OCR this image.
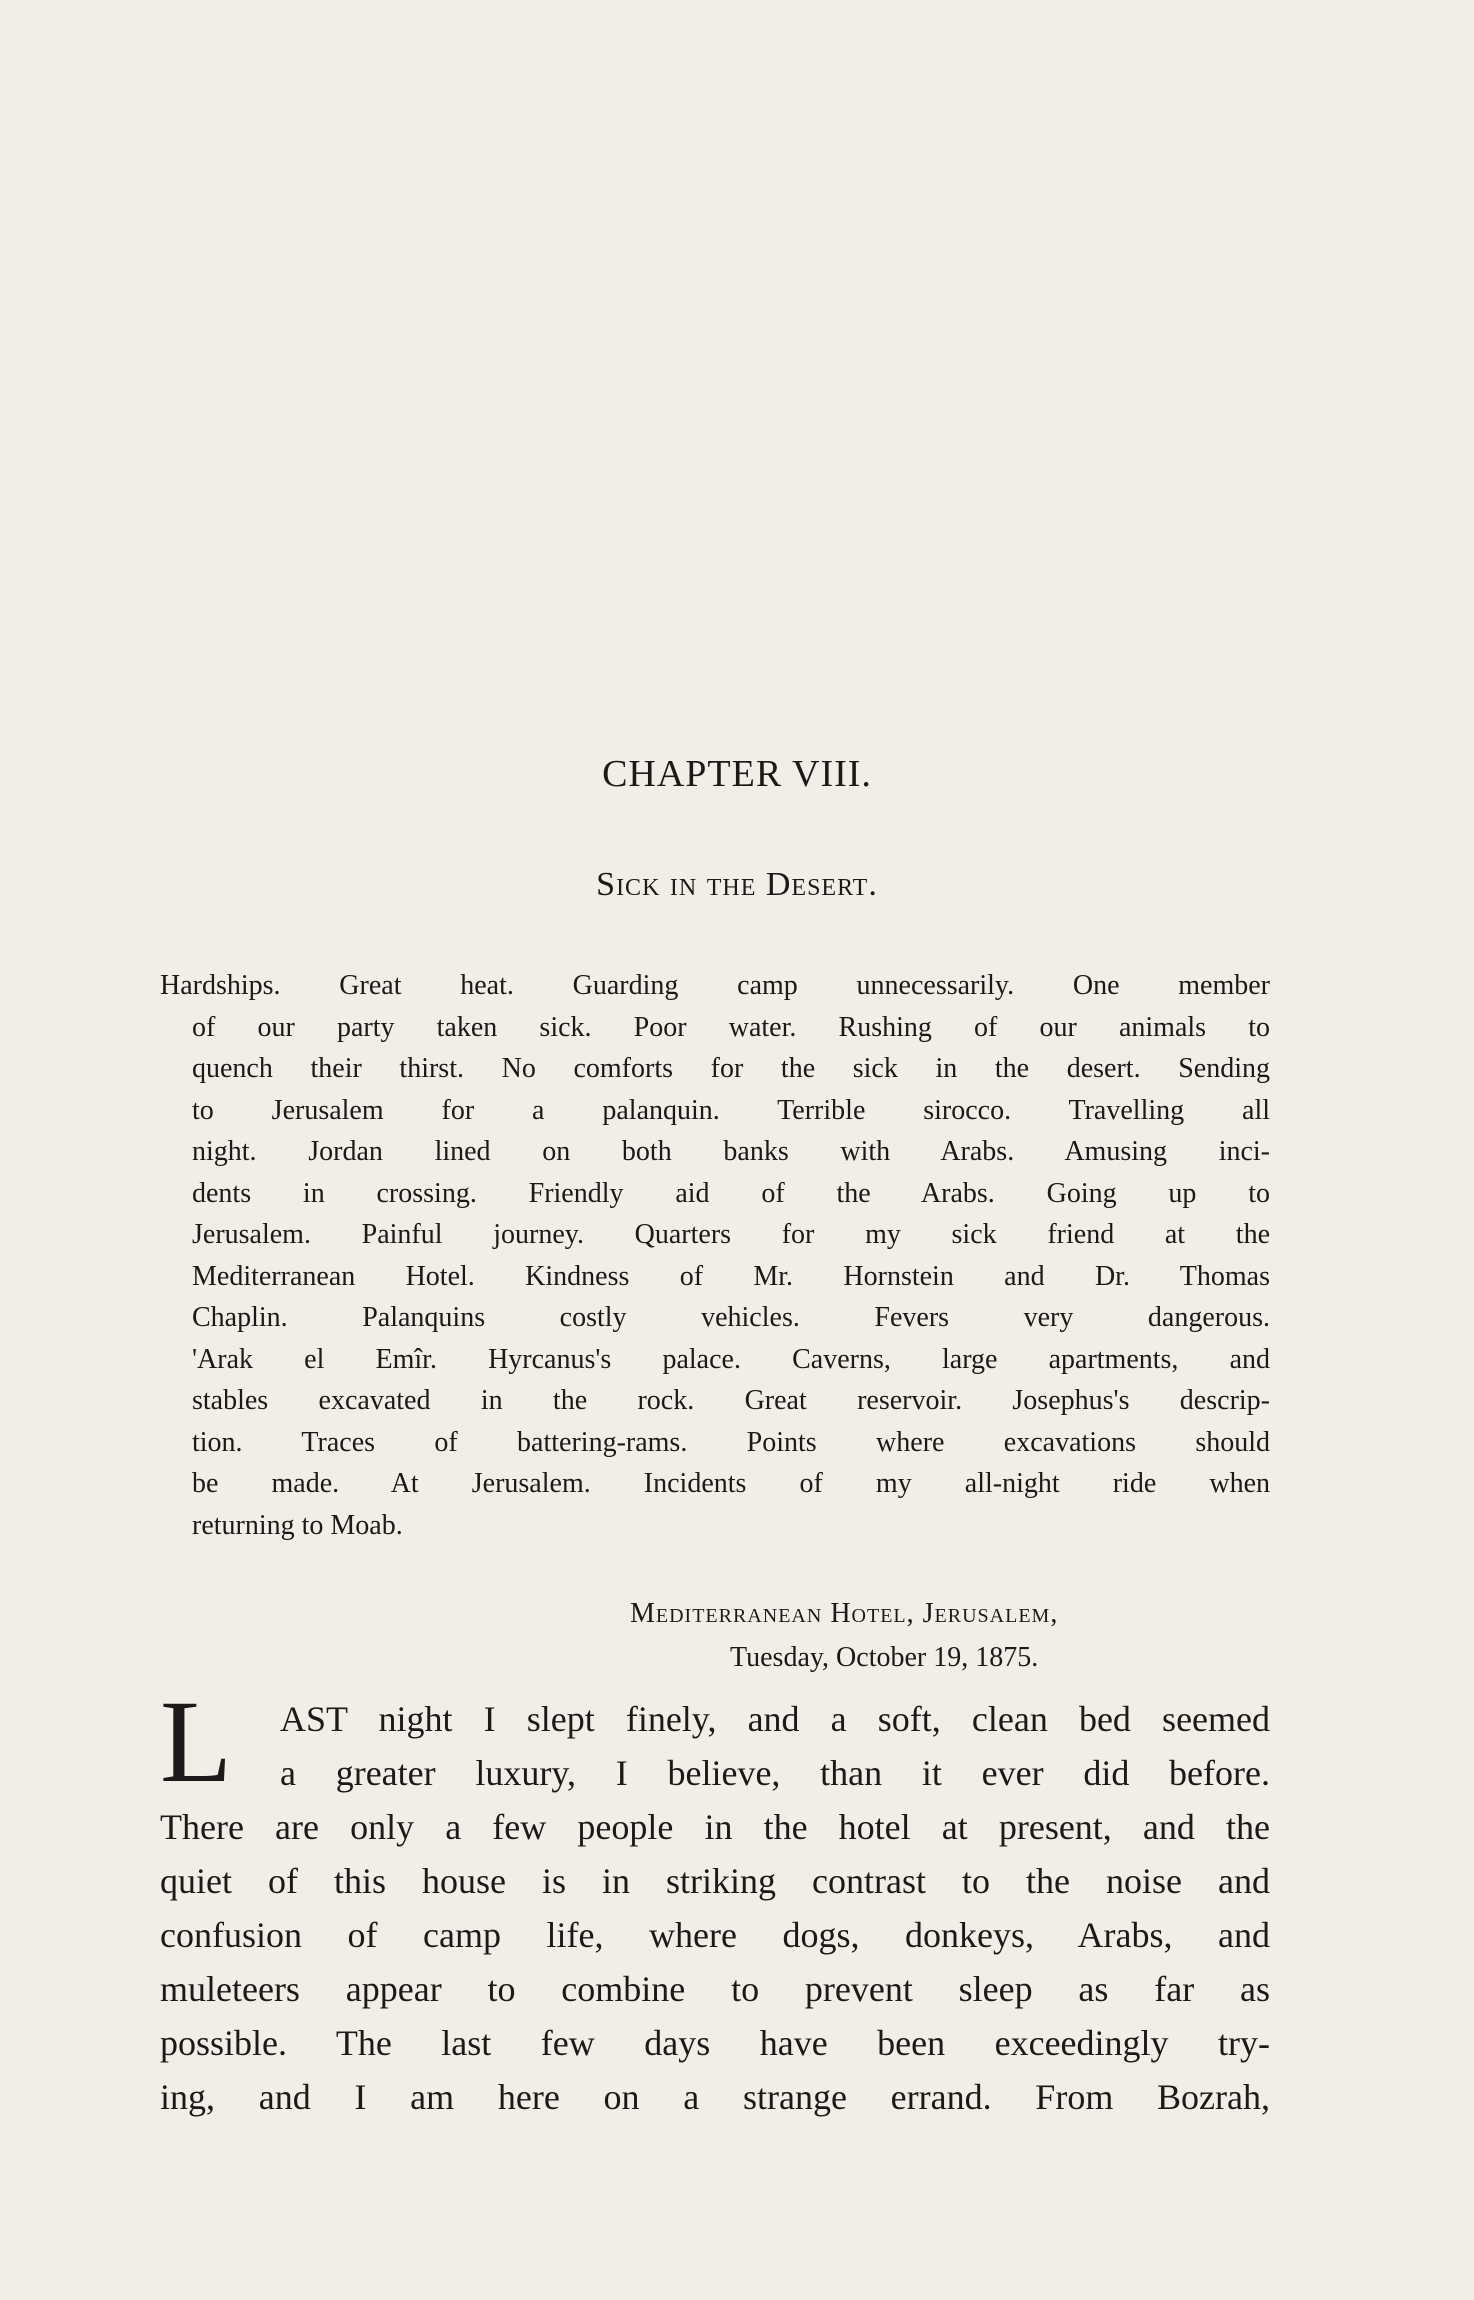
CHAPTER VIII.
Sick in the Desert.
Hardships. Great heat. Guarding camp unnecessarily. One member
of our party taken sick. Poor water. Rushing of our animals to
quench their thirst. No comforts for the sick in the desert. Sending
to Jerusalem for a palanquin. Terrible sirocco. Travelling all
night. Jordan lined on both banks with Arabs. Amusing inci-
dents in crossing. Friendly aid of the Arabs. Going up to
Jerusalem. Painful journey. Quarters for my sick friend at the
Mediterranean Hotel. Kindness of Mr. Hornstein and Dr. Thomas
Chaplin. Palanquins costly vehicles. Fevers very dangerous.
'Arak el Emîr. Hyrcanus's palace. Caverns, large apartments, and
stables excavated in the rock. Great reservoir. Josephus's descrip-
tion. Traces of battering-rams. Points where excavations should
be made. At Jerusalem. Incidents of my all-night ride when
returning to Moab.
Mediterranean Hotel, Jerusalem,
Tuesday, October 19, 1875.
L AST night I slept finely, and a soft, clean bed seemed
a greater luxury, I believe, than it ever did before.
There are only a few people in the hotel at present, and the
quiet of this house is in striking contrast to the noise and
confusion of camp life, where dogs, donkeys, Arabs, and
muleteers appear to combine to prevent sleep as far as
possible. The last few days have been exceedingly try-
ing, and I am here on a strange errand. From Bozrah,
